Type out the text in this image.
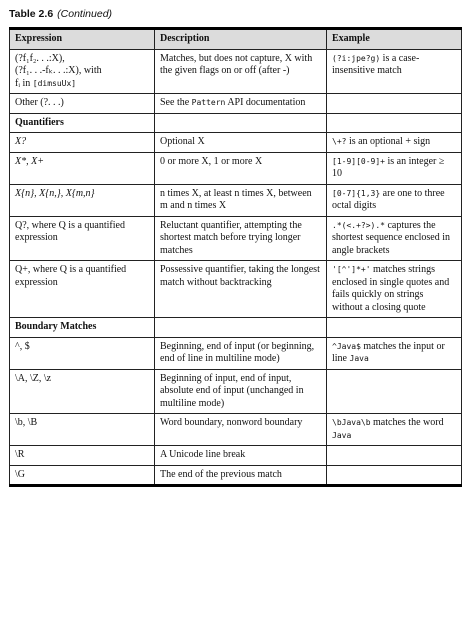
Table 2.6 (Continued)
Expression	Description	Example
(?f₁f₂. . .:X),
(?f₁. . .-fₖ. . .:X), with
fᵢ in [dimsuUx]	Matches, but does not capture, X with the given flags on or off (after -)	(?i:jpe?g) is a case-insensitive match
Other (?. . .)	See the Pattern API documentation	
Quantifiers		
X?	Optional X	\+? is an optional + sign
X*, X+	0 or more X, 1 or more X	[1-9][0-9]+ is an integer ≥ 10
X{n}, X{n,}, X{m,n}	n times X, at least n times X, between m and n times X	[0-7]{1,3} are one to three octal digits
Q?, where Q is a quantified expression	Reluctant quantifier, attempting the shortest match before trying longer matches	.*(<.+?>).* captures the shortest sequence enclosed in angle brackets
Q+, where Q is a quantified expression	Possessive quantifier, taking the longest match without backtracking	'[^']*+' matches strings enclosed in single quotes and fails quickly on strings without a closing quote
Boundary Matches		
^, $	Beginning, end of input (or beginning, end of line in multiline mode)	^Java$ matches the input or line Java
\A, \Z, \z	Beginning of input, end of input, absolute end of input (unchanged in multiline mode)	
\b, \B	Word boundary, nonword boundary	\bJava\b matches the word Java
\R	A Unicode line break	
\G	The end of the previous match	
